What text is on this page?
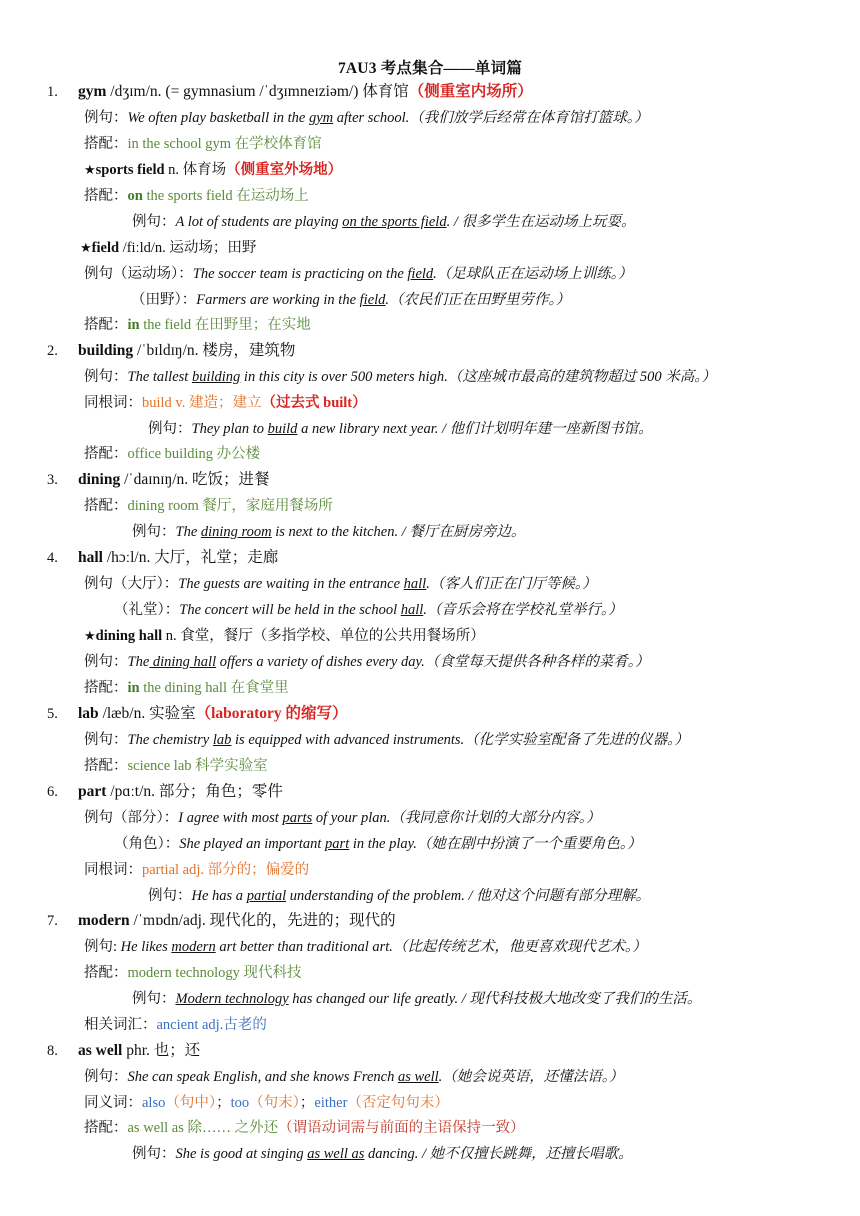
7AU3 考点集合——单词篇
1. gym /dʒɪm/n. (= gymnasium /ˈdʒɪmneɪziəm/) 体育馆（侧重室内场所）
例句：We often play basketball in the gym after school.（我们放学后经常在体育馆打篮球。）
搭配：in the school gym 在学校体育馆
★sports field n. 体育场（侧重室外场地）
搭配：on the sports field 在运动场上
例句：A lot of students are playing on the sports field. / 很多学生在运动场上玩耍。
★field /fiːld/n. 运动场；田野
例句（运动场）：The soccer team is practicing on the field.（足球队正在运动场上训练。）
（田野）：Farmers are working in the field.（农民们正在田野里劳作。）
搭配：in the field 在田野里；在实地
2. building /ˈbɪldɪŋ/n. 楼房，建筑物
例句：The tallest building in this city is over 500 meters high.（这座城市最高的建筑物超过 500 米高。）
同根词：build v. 建造；建立（过去式 built）
例句：They plan to build a new library next year. / 他们计划明年建一座新图书馆。
搭配：office building 办公楼
3. dining /ˈdaɪnɪŋ/n. 吃饭；进餐
搭配：dining room 餐厅，家庭用餐场所
例句：The dining room is next to the kitchen. / 餐厅在厨房旁边。
4. hall /hɔːl/n. 大厅，礼堂；走廊
例句（大厅）：The guests are waiting in the entrance hall.（客人们正在门厅等候。）
（礼堂）：The concert will be held in the school hall.（音乐会将在学校礼堂举行。）
★dining hall n. 食堂，餐厅（多指学校、单位的公共用餐场所）
例句：The dining hall offers a variety of dishes every day.（食堂每天提供各种各样的菜肴。）
搭配：in the dining hall 在食堂里
5. lab /læb/n. 实验室（laboratory 的缩写）
例句：The chemistry lab is equipped with advanced instruments.（化学实验室配备了先进的仪器。）
搭配：science lab 科学实验室
6. part /pɑːt/n. 部分；角色；零件
例句（部分）：I agree with most parts of your plan.（我同意你计划的大部分内容。）
（角色）：She played an important part in the play.（她在剧中扮演了一个重要角色。）
同根词：partial adj. 部分的；偏爱的
例句：He has a partial understanding of the problem. / 他对这个问题有部分理解。
7. modern /ˈmɒdn/adj. 现代化的，先进的；现代的
例句: He likes modern art better than traditional art.（比起传统艺术，他更喜欢现代艺术。）
搭配：modern technology 现代科技
例句：Modern technology has changed our life greatly. / 现代科技极大地改变了我们的生活。
相关词汇：ancient adj.古老的
8. as well phr. 也；还
例句：She can speak English, and she knows French as well.（她会说英语，还懂法语。）
同义词：also（句中）；too（句末）；either（否定句句末）
搭配：as well as 除…… 之外还（谓语动词需与前面的主语保持一致）
例句：She is good at singing as well as dancing. / 她不仅擅长跳舞，还擅长唱歌。
